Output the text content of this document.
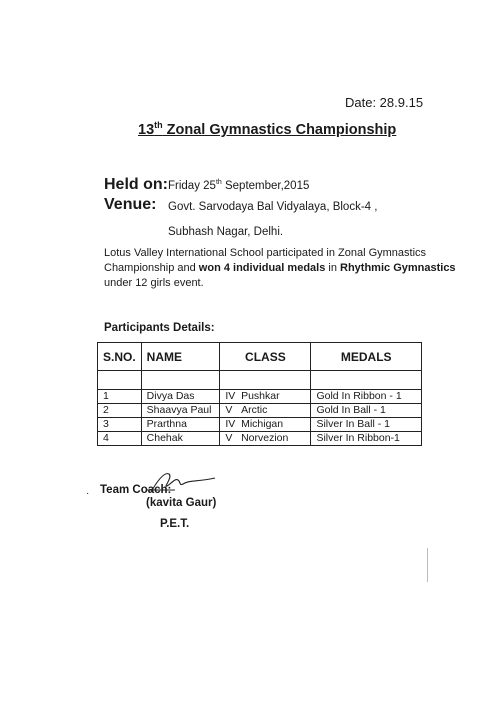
Date: 28.9.15
13th Zonal Gymnastics Championship
Held on: Friday 25th September,2015
Venue: Govt. Sarvodaya Bal Vidyalaya, Block-4 ,
Subhash Nagar, Delhi.
Lotus Valley International School participated in Zonal Gymnastics
Championship and won 4 individual medals in Rhythmic Gymnastics
under 12 girls event.
Participants Details:
S.NO.	NAME	CLASS	MEDALS

1	Divya Das	IV Pushkar	Gold In Ribbon - 1
2	Shaavya Paul	V Arctic	Gold In Ball - 1
3	Prarthna	IV Michigan	Silver In Ball - 1
4	Chehak	V Norvezion	Silver In Ribbon-1
· Team Coach:
(kavita Gaur)
P.E.T.
